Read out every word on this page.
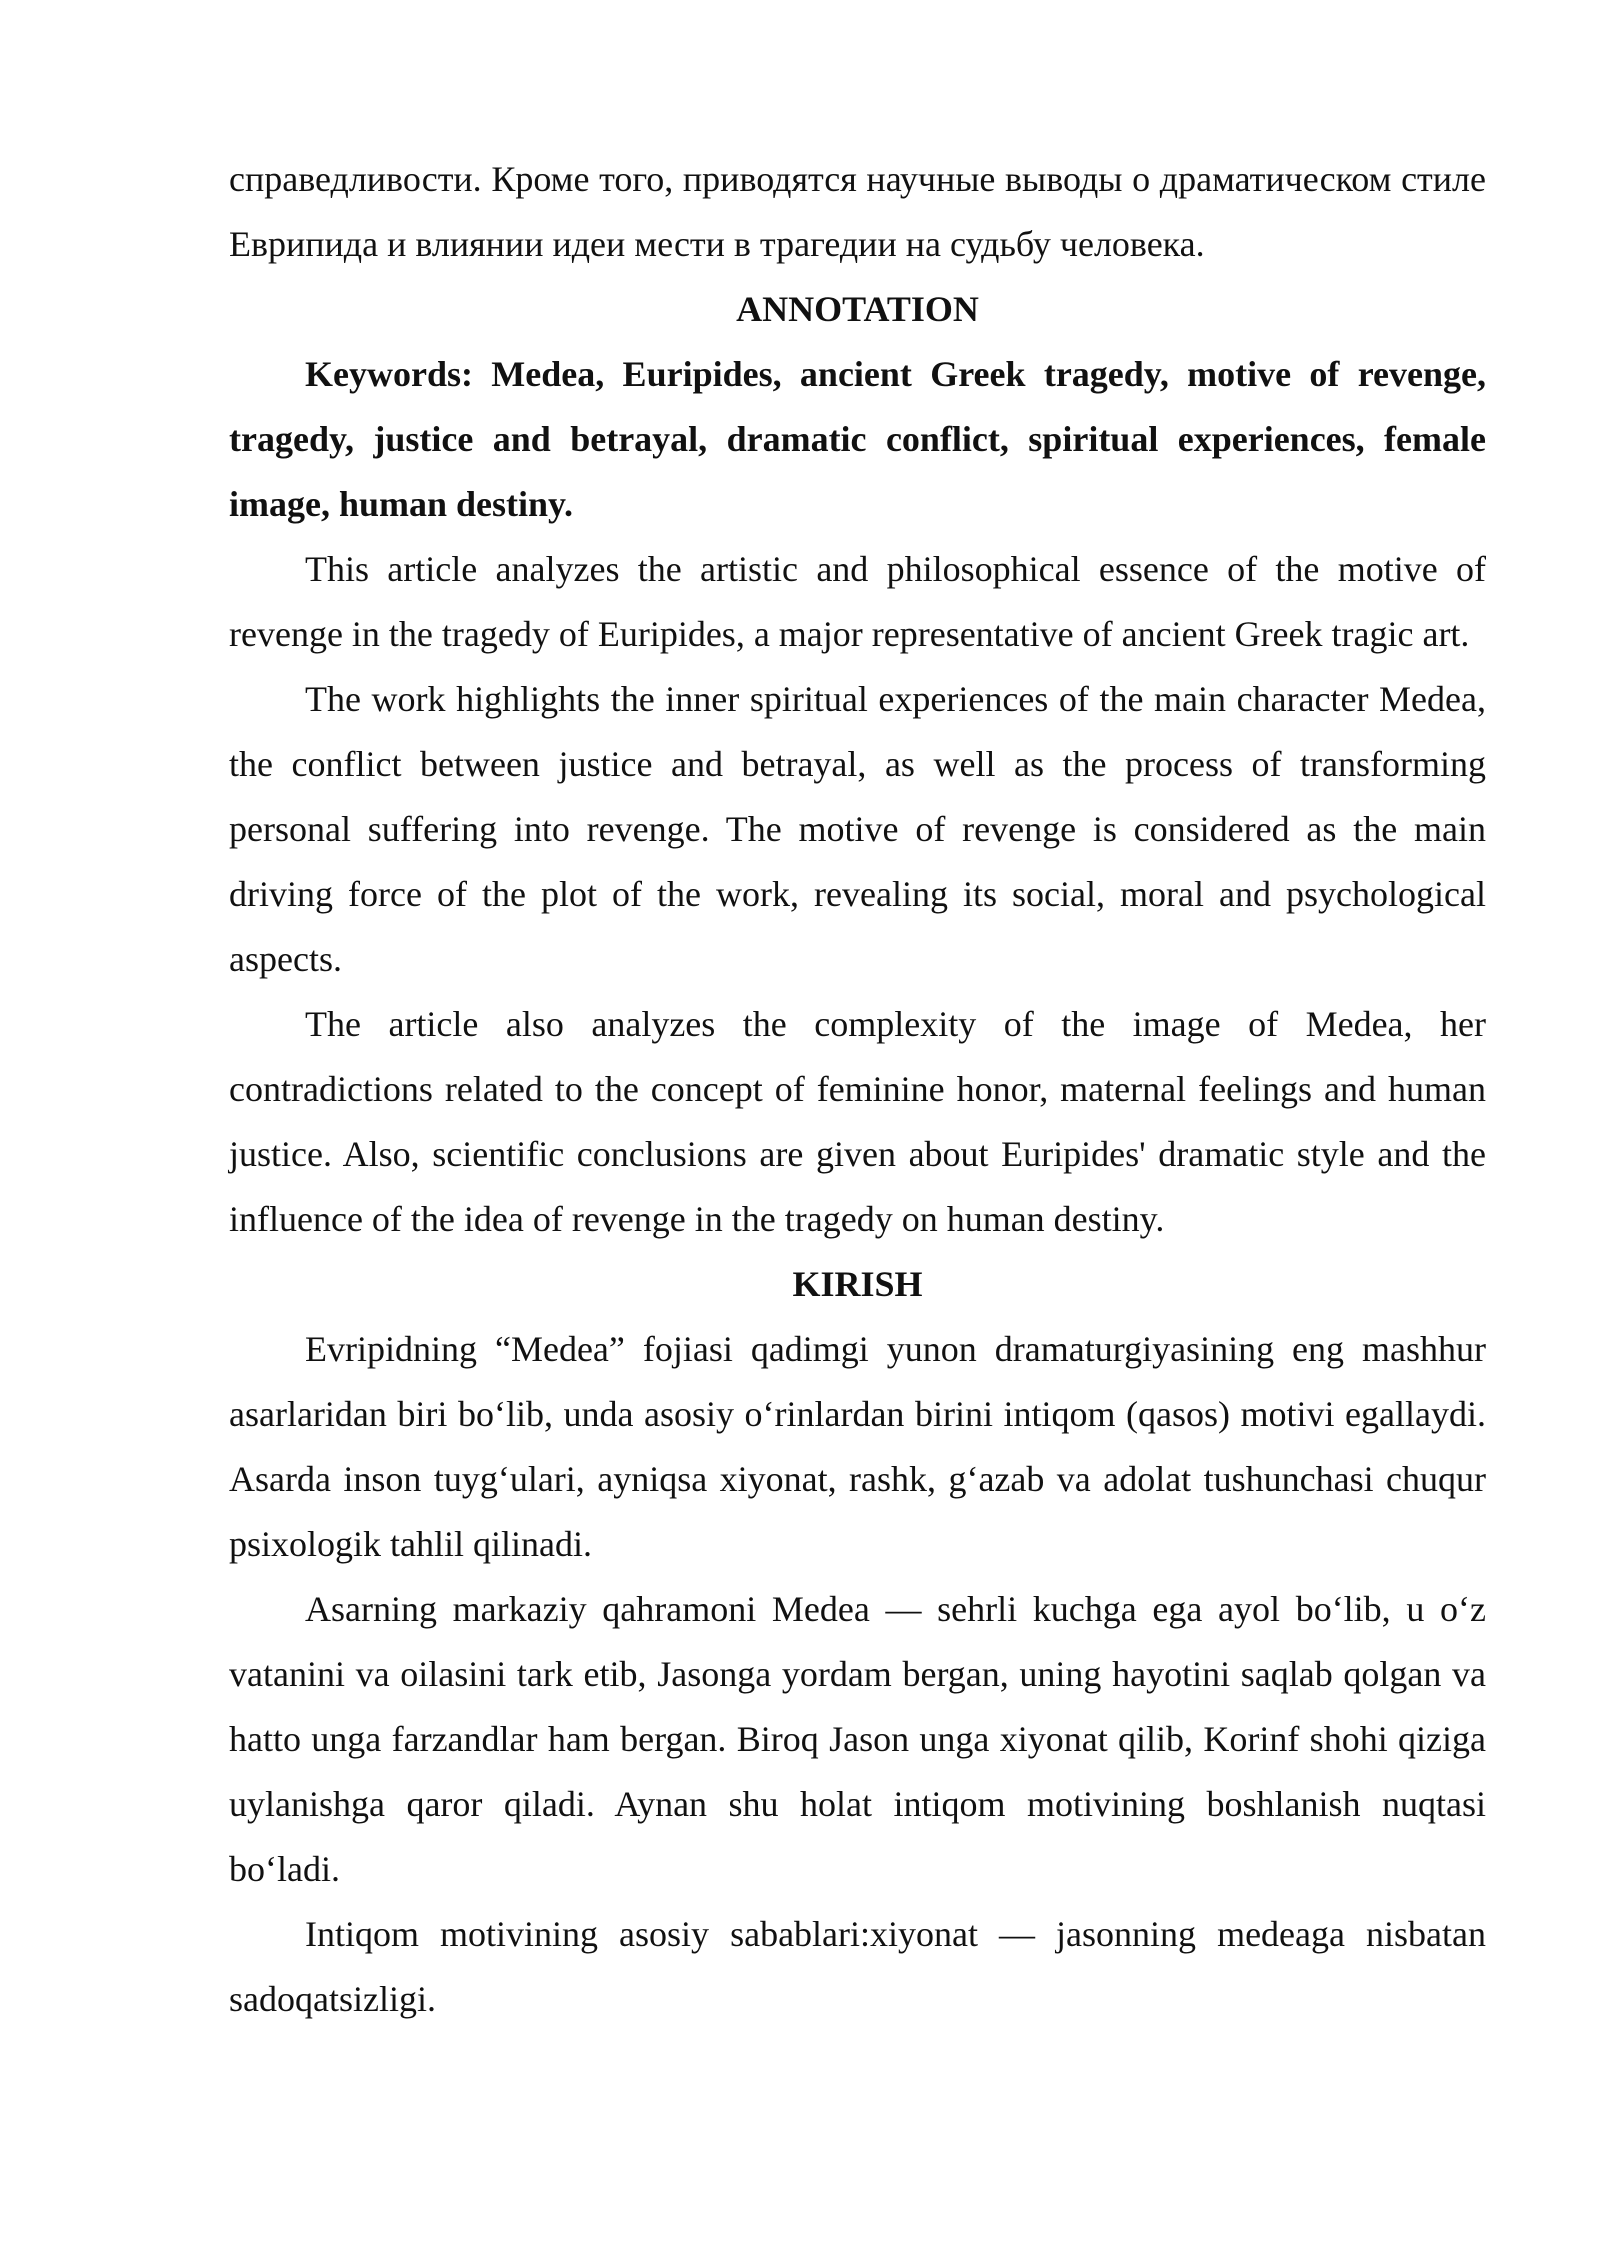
справедливости. Кроме того, приводятся научные выводы о драматическом стиле Еврипида и влиянии идеи мести в трагедии на судьбу человека.

ANNOTATION

Keywords: Medea, Euripides, ancient Greek tragedy, motive of revenge, tragedy, justice and betrayal, dramatic conflict, spiritual experiences, female image, human destiny.

This article analyzes the artistic and philosophical essence of the motive of revenge in the tragedy of Euripides, a major representative of ancient Greek tragic art.

The work highlights the inner spiritual experiences of the main character Medea, the conflict between justice and betrayal, as well as the process of transforming personal suffering into revenge. The motive of revenge is considered as the main driving force of the plot of the work, revealing its social, moral and psychological aspects.

The article also analyzes the complexity of the image of Medea, her contradictions related to the concept of feminine honor, maternal feelings and human justice. Also, scientific conclusions are given about Euripides' dramatic style and the influence of the idea of revenge in the tragedy on human destiny.

KIRISH

Evripidning “Medea” fojiasi qadimgi yunon dramaturgiyasining eng mashhur asarlaridan biri bo‘lib, unda asosiy o‘rinlardan birini intiqom (qasos) motivi egallaydi. Asarda inson tuyg‘ulari, ayniqsa xiyonat, rashk, g‘azab va adolat tushunchasi chuqur psixologik tahlil qilinadi.

Asarning markaziy qahramoni Medea — sehrli kuchga ega ayol bo‘lib, u o‘z vatanini va oilasini tark etib, Jasonga yordam bergan, uning hayotini saqlab qolgan va hatto unga farzandlar ham bergan. Biroq Jason unga xiyonat qilib, Korinf shohi qiziga uylanishga qaror qiladi. Aynan shu holat intiqom motivining boshlanish nuqtasi bo‘ladi.

Intiqom motivining asosiy sabablari:xiyonat — jasonning medeaga nisbatan sadoqatsizligi.
